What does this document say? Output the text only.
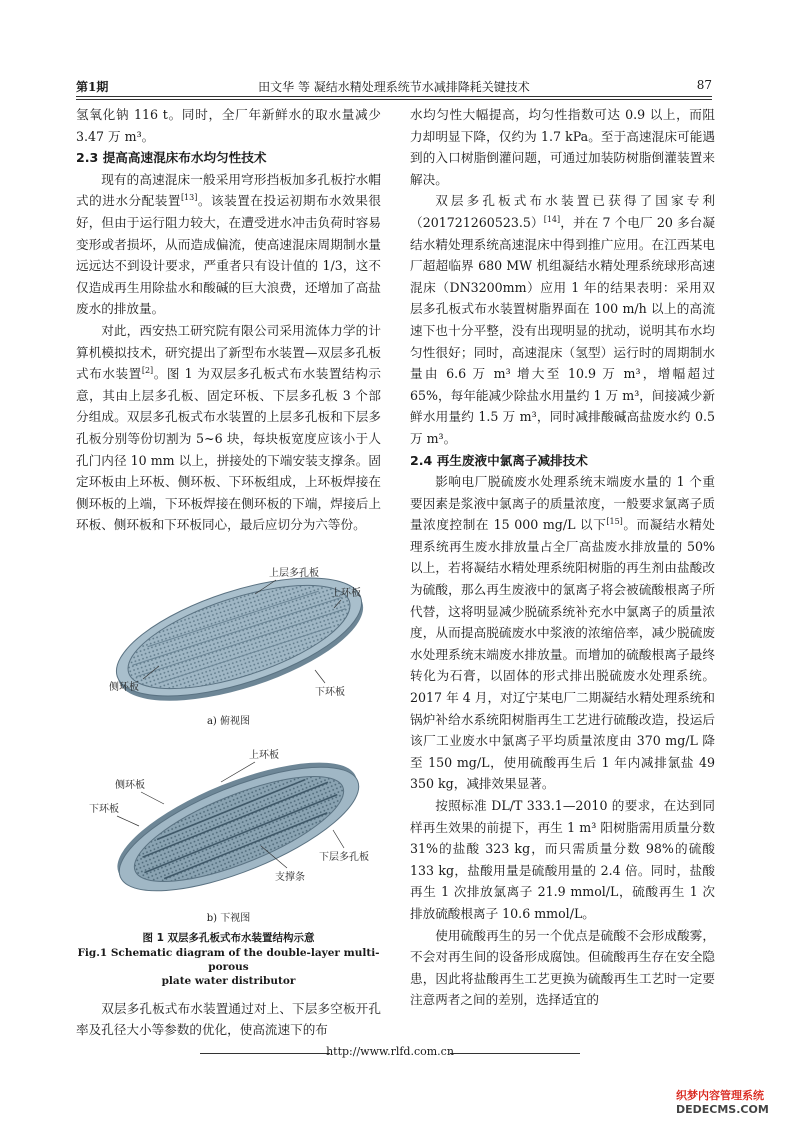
第1期	田文华 等 凝结水精处理系统节水减排降耗关键技术	87

氢氧化钠 116 t。同时，全厂年新鲜水的取水量减少 3.47 万 m³。

2.3 提高高速混床布水均匀性技术

现有的高速混床一般采用穹形挡板加多孔板拧水帽式的进水分配装置[13]。该装置在投运初期布水效果很好，但由于运行阻力较大，在遭受进水冲击负荷时容易变形或者损坏，从而造成偏流，使高速混床周期制水量远远达不到设计要求，严重者只有设计值的 1/3，这不仅造成再生用除盐水和酸碱的巨大浪费，还增加了高盐废水的排放量。

对此，西安热工研究院有限公司采用流体力学的计算机模拟技术，研究提出了新型布水装置—双层多孔板式布水装置[2]。图 1 为双层多孔板式布水装置结构示意，其由上层多孔板、固定环板、下层多孔板 3 个部分组成。双层多孔板式布水装置的上层多孔板和下层多孔板分别等份切割为 5~6 块，每块板宽度应该小于人孔门内径 10 mm 以上，拼接处的下端安装支撑条。固定环板由上环板、侧环板、下环板组成，上环板焊接在侧环板的上端，下环板焊接在侧环板的下端，焊接后上环板、侧环板和下环板同心，最后应切分为六等份。

上层多孔板
上环板
侧环板	下环板
a) 俯视图
上环板
侧环板
下环板
下层多孔板
支撑条
b) 下视图
图 1 双层多孔板式布水装置结构示意
Fig.1 Schematic diagram of the double-layer multi-porous
plate water distributor

双层多孔板式布水装置通过对上、下层多空板开孔率及孔径大小等参数的优化，使高流速下的布

水均匀性大幅提高，均匀性指数可达 0.9 以上，而阻力却明显下降，仅约为 1.7 kPa。至于高速混床可能遇到的入口树脂倒灌问题，可通过加装防树脂倒灌装置来解决。

双层多孔板式布水装置已获得了国家专利（201721260523.5）[14]，并在 7 个电厂 20 多台凝结水精处理系统高速混床中得到推广应用。在江西某电厂超超临界 680 MW 机组凝结水精处理系统球形高速混床（DN3200mm）应用 1 年的结果表明：采用双层多孔板式布水装置树脂界面在 100 m/h 以上的高流速下也十分平整，没有出现明显的扰动，说明其布水均匀性很好；同时，高速混床（氢型）运行时的周期制水量由 6.6 万 m³ 增大至 10.9 万 m³，增幅超过 65%，每年能减少除盐水用量约 1 万 m³，间接减少新鲜水用量约 1.5 万 m³，同时减排酸碱高盐废水约 0.5 万 m³。

2.4 再生废液中氯离子减排技术

影响电厂脱硫废水处理系统末端废水量的 1 个重要因素是浆液中氯离子的质量浓度，一般要求氯离子质量浓度控制在 15 000 mg/L 以下[15]。而凝结水精处理系统再生废水排放量占全厂高盐废水排放量的 50%以上，若将凝结水精处理系统阳树脂的再生剂由盐酸改为硫酸，那么再生废液中的氯离子将会被硫酸根离子所代替，这将明显减少脱硫系统补充水中氯离子的质量浓度，从而提高脱硫废水中浆液的浓缩倍率，减少脱硫废水处理系统末端废水排放量。而增加的硫酸根离子最终转化为石膏，以固体的形式排出脱硫废水处理系统。2017 年 4 月，对辽宁某电厂二期凝结水精处理系统和锅炉补给水系统阳树脂再生工艺进行硫酸改造，投运后该厂工业废水中氯离子平均质量浓度由 370 mg/L 降至 150 mg/L，使用硫酸再生后 1 年内减排氯盐 49 350 kg，减排效果显著。

按照标准 DL/T 333.1—2010 的要求，在达到同样再生效果的前提下，再生 1 m³ 阳树脂需用质量分数 31%的盐酸 323 kg，而只需质量分数 98%的硫酸 133 kg，盐酸用量是硫酸用量的 2.4 倍。同时，盐酸再生 1 次排放氯离子 21.9 mmol/L，硫酸再生 1 次排放硫酸根离子 10.6 mmol/L。

使用硫酸再生的另一个优点是硫酸不会形成酸雾，不会对再生间的设备形成腐蚀。但硫酸再生存在安全隐患，因此将盐酸再生工艺更换为硫酸再生工艺时一定要注意两者之间的差别，选择适宜的

http://www.rlfd.com.cn
织梦内容管理系统
DEDECMS.COM
